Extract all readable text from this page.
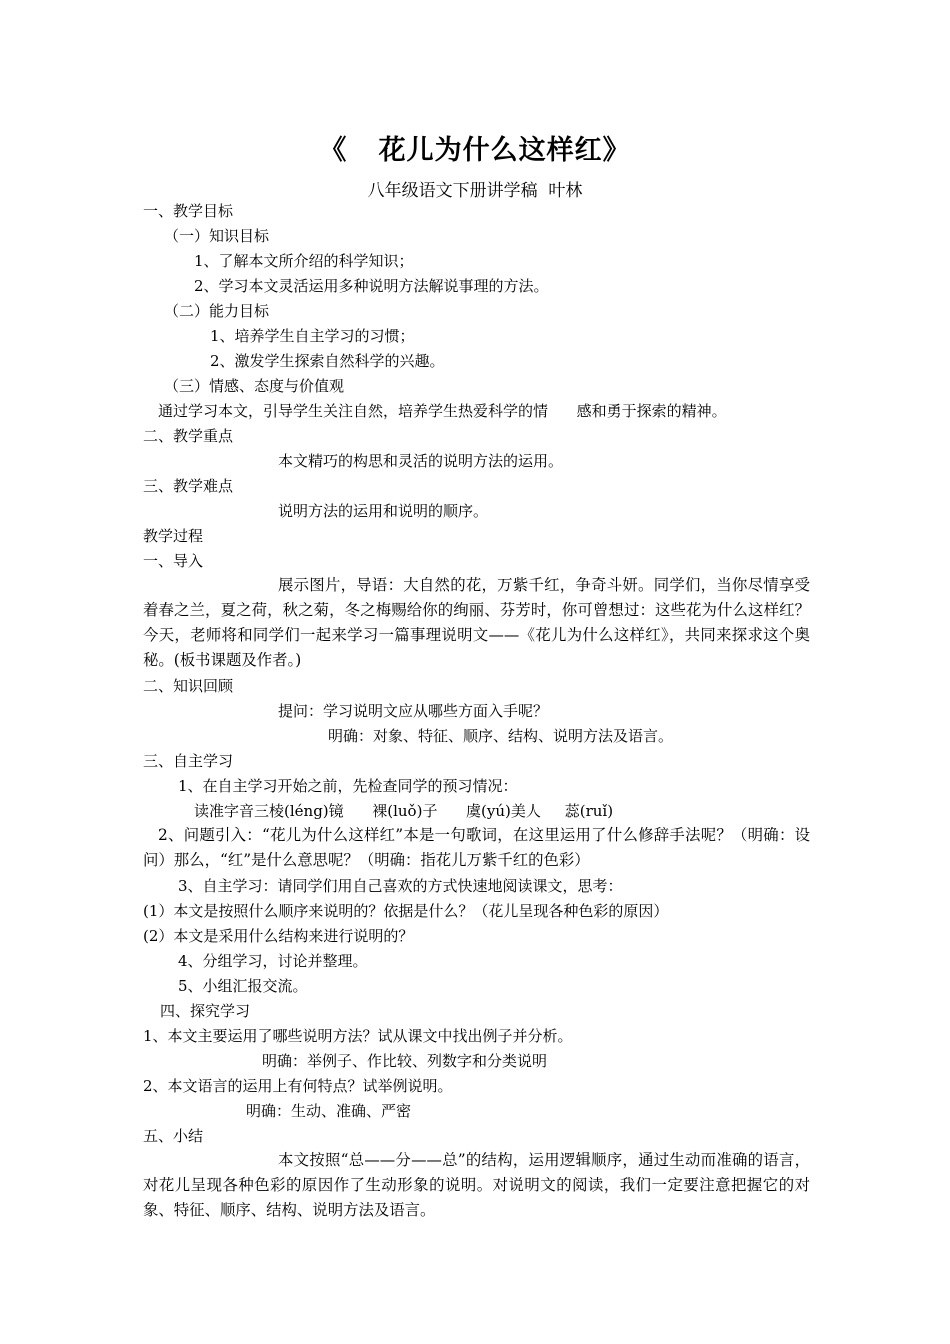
《   花儿为什么这样红》
八年级语文下册讲学稿  叶林
一、教学目标
（一）知识目标
1、了解本文所介绍的科学知识；
2、学习本文灵活运用多种说明方法解说事理的方法。
（二）能力目标
1、培养学生自主学习的习惯；
2、激发学生探索自然科学的兴趣。
（三）情感、态度与价值观
通过学习本文，引导学生关注自然，培养学生热爱科学的情      感和勇于探索的精神。
二、教学重点
本文精巧的构思和灵活的说明方法的运用。
三、教学难点
说明方法的运用和说明的顺序。
教学过程
一、导入
展示图片，导语：大自然的花，万紫千红，争奇斗妍。同学们，当你尽情享受着春之兰，夏之荷，秋之菊，冬之梅赐给你的绚丽、芬芳时，你可曾想过：这些花为什么这样红？今天，老师将和同学们一起来学习一篇事理说明文——《花儿为什么这样红》，共同来探求这个奥秘。(板书课题及作者。)
二、知识回顾
提问：学习说明文应从哪些方面入手呢？
明确：对象、特征、顺序、结构、说明方法及语言。
三、自主学习
1、在自主学习开始之前，先检查同学的预习情况：
读准字音三棱(léng)镜      裸(luǒ)子      虞(yú)美人     蕊(ruǐ)
2、问题引入：“花儿为什么这样红”本是一句歌词，在这里运用了什么修辞手法呢？（明确：设问）那么，“红”是什么意思呢？（明确：指花儿万紫千红的色彩）
3、自主学习：请同学们用自己喜欢的方式快速地阅读课文，思考：
(1）本文是按照什么顺序来说明的？依据是什么？（花儿呈现各种色彩的原因）
(2）本文是采用什么结构来进行说明的？
4、分组学习，讨论并整理。
5、小组汇报交流。
四、探究学习
1、本文主要运用了哪些说明方法？试从课文中找出例子并分析。
明确：举例子、作比较、列数字和分类说明
2、本文语言的运用上有何特点？试举例说明。
明确：生动、准确、严密
五、小结
本文按照“总——分——总”的结构，运用逻辑顺序，通过生动而准确的语言，对花儿呈现各种色彩的原因作了生动形象的说明。对说明文的阅读，我们一定要注意把握它的对象、特征、顺序、结构、说明方法及语言。
